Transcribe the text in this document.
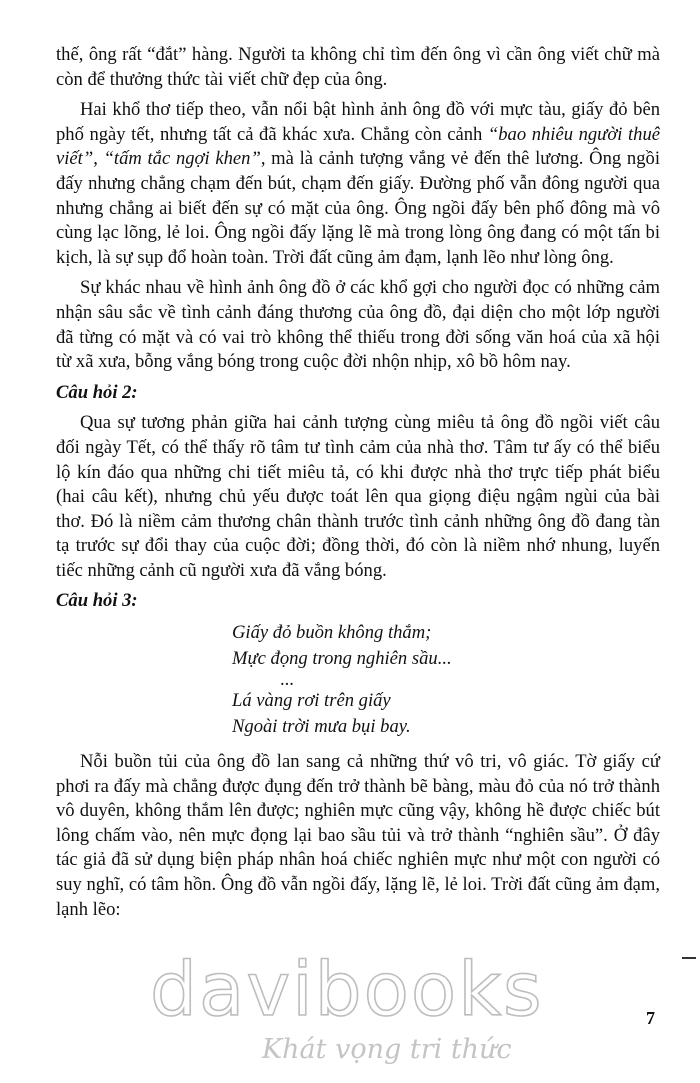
thế, ông rất “đắt” hàng. Người ta không chỉ tìm đến ông vì cần ông viết chữ mà còn để thưởng thức tài viết chữ đẹp của ông.

Hai khổ thơ tiếp theo, vẫn nổi bật hình ảnh ông đồ với mực tàu, giấy đỏ bên phố ngày tết, nhưng tất cả đã khác xưa. Chẳng còn cảnh “bao nhiêu người thuê viết”, “tấm tắc ngợi khen”, mà là cảnh tượng vắng vẻ đến thê lương. Ông ngồi đấy nhưng chẳng chạm đến bút, chạm đến giấy. Đường phố vẫn đông người qua nhưng chẳng ai biết đến sự có mặt của ông. Ông ngồi đấy bên phố đông mà vô cùng lạc lõng, lẻ loi. Ông ngồi đấy lặng lẽ mà trong lòng ông đang có một tấn bi kịch, là sự sụp đổ hoàn toàn. Trời đất cũng ảm đạm, lạnh lẽo như lòng ông.

Sự khác nhau về hình ảnh ông đồ ở các khổ gợi cho người đọc có những cảm nhận sâu sắc về tình cảnh đáng thương của ông đồ, đại diện cho một lớp người đã từng có mặt và có vai trò không thể thiếu trong đời sống văn hoá của xã hội từ xã xưa, bỗng vắng bóng trong cuộc đời nhộn nhịp, xô bồ hôm nay.

Câu hỏi 2:

Qua sự tương phản giữa hai cảnh tượng cùng miêu tả ông đồ ngồi viết câu đối ngày Tết, có thể thấy rõ tâm tư tình cảm của nhà thơ. Tâm tư ấy có thể biểu lộ kín đáo qua những chi tiết miêu tả, có khi được nhà thơ trực tiếp phát biểu (hai câu kết), nhưng chủ yếu được toát lên qua giọng điệu ngậm ngùi của bài thơ. Đó là niềm cảm thương chân thành trước tình cảnh những ông đồ đang tàn tạ trước sự đổi thay của cuộc đời; đồng thời, đó còn là niềm nhớ nhung, luyến tiếc những cảnh cũ người xưa đã vắng bóng.

Câu hỏi 3:
Giấy đỏ buồn không thắm;
Mực đọng trong nghiên sầu...
...
Lá vàng rơi trên giấy
Ngoài trời mưa bụi bay.

Nỗi buồn tủi của ông đồ lan sang cả những thứ vô tri, vô giác. Tờ giấy cứ phơi ra đấy mà chẳng được đụng đến trở thành bẽ bàng, màu đỏ của nó trở thành vô duyên, không thắm lên được; nghiên mực cũng vậy, không hề được chiếc bút lông chấm vào, nên mực đọng lại bao sầu tủi và trở thành “nghiên sầu”. Ở đây tác giả đã sử dụng biện pháp nhân hoá chiếc nghiên mực như một con người có suy nghĩ, có tâm hồn. Ông đồ vẫn ngồi đấy, lặng lẽ, lẻ loi. Trời đất cũng ảm đạm, lạnh lẽo:

davibooks
Khát vọng tri thức
7
